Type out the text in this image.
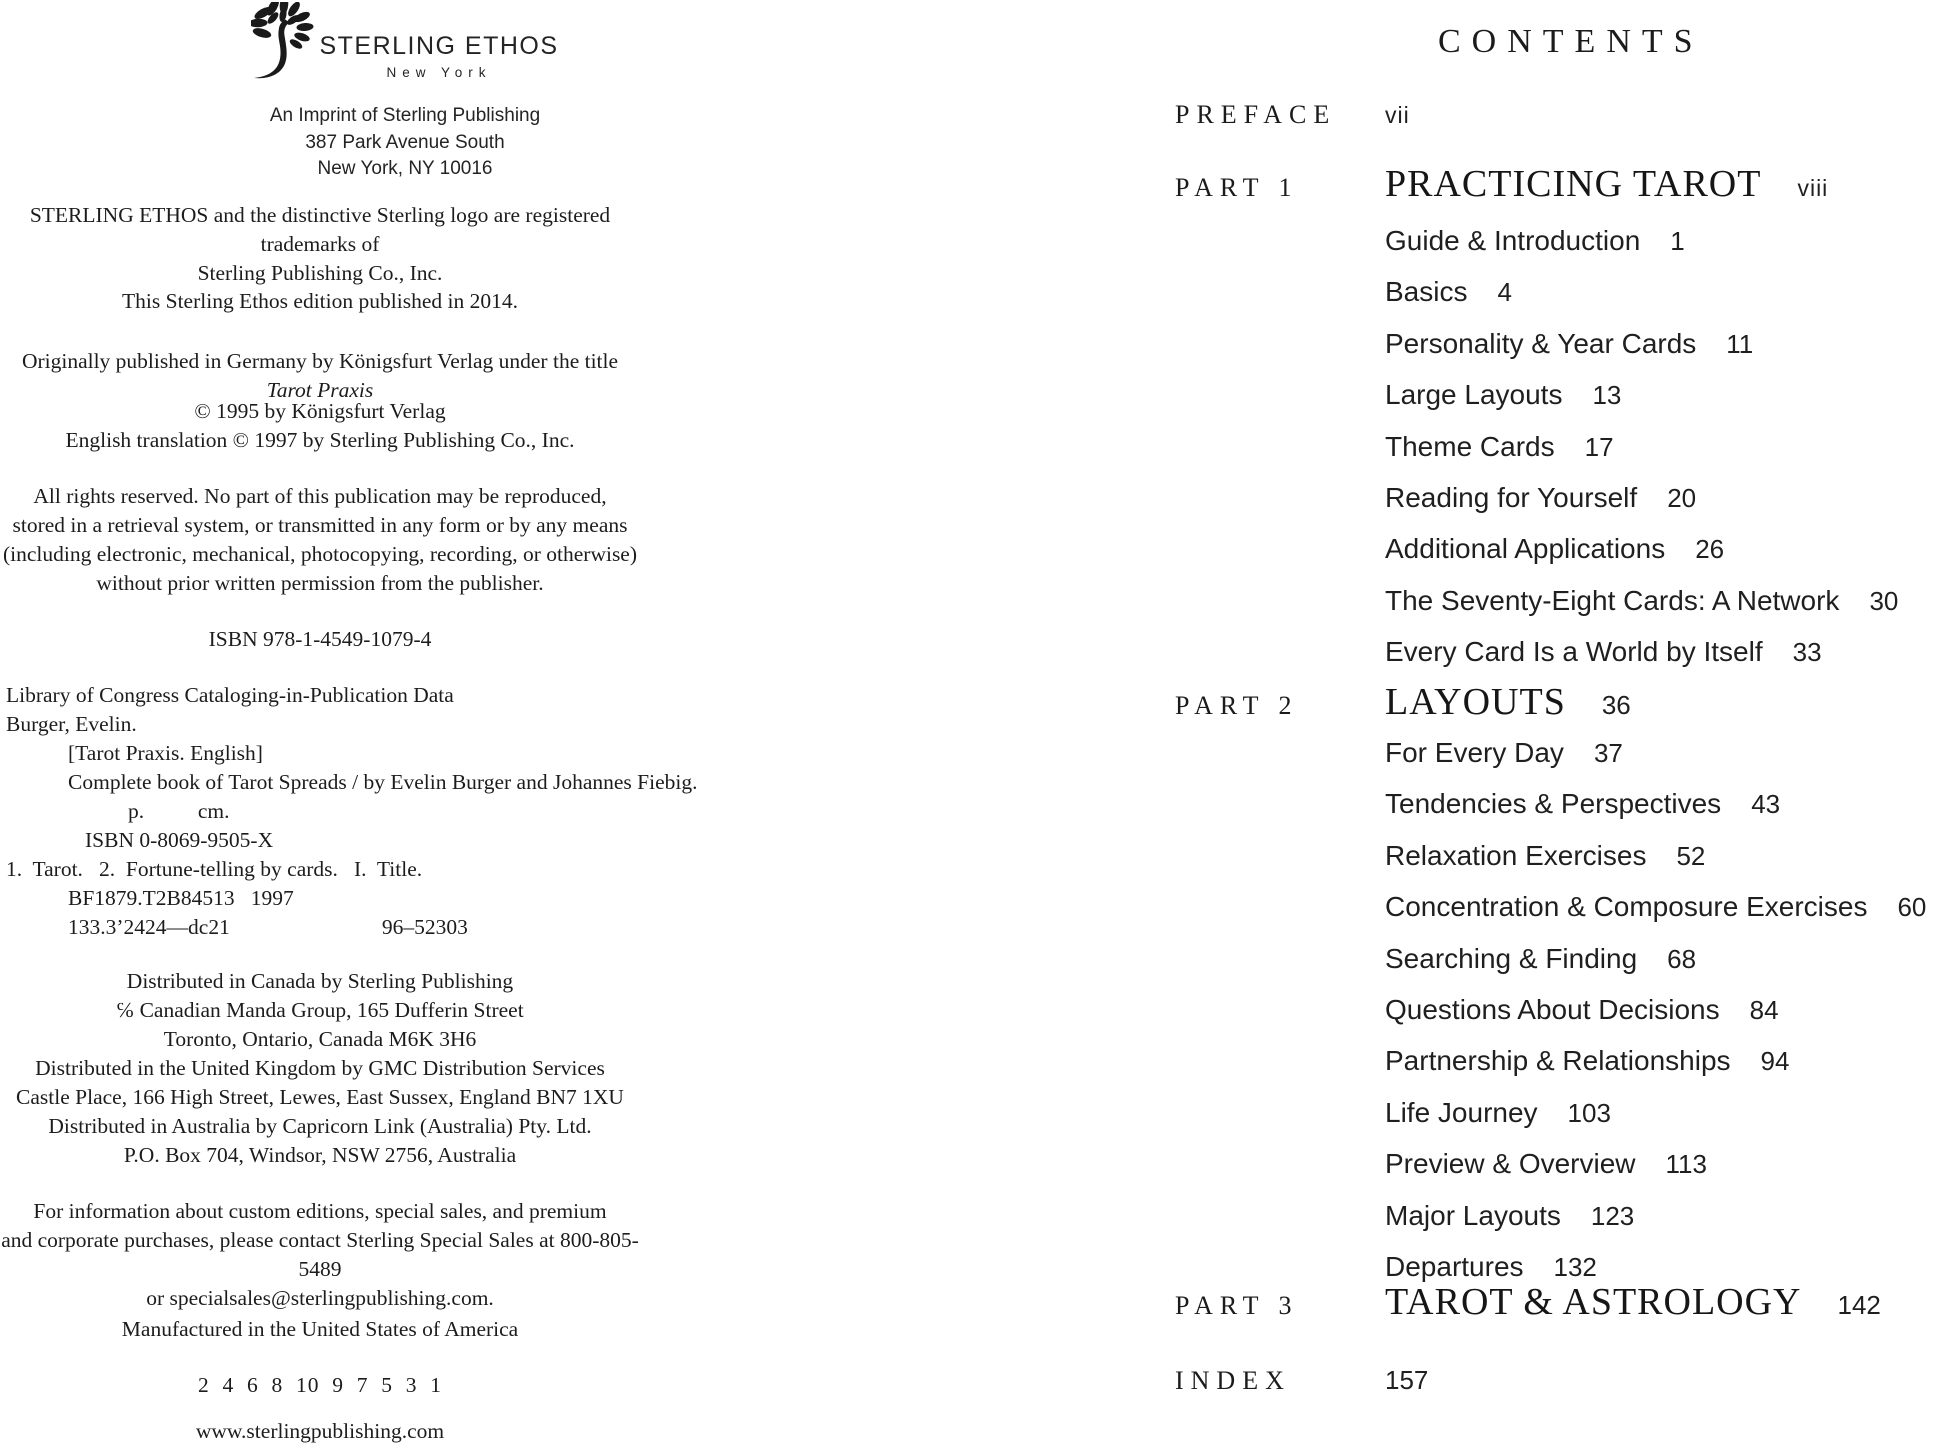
STERLING ETHOS
New York
An Imprint of Sterling Publishing
387 Park Avenue South
New York, NY 10016
STERLING ETHOS and the distinctive Sterling logo are registered trademarks of
Sterling Publishing Co., Inc.
This Sterling Ethos edition published in 2014.
Originally published in Germany by Königsfurt Verlag under the title Tarot Praxis
© 1995 by Königsfurt Verlag
English translation © 1997 by Sterling Publishing Co., Inc.
All rights reserved. No part of this publication may be reproduced,
stored in a retrieval system, or transmitted in any form or by any means
(including electronic, mechanical, photocopying, recording, or otherwise)
without prior written permission from the publisher.
ISBN 978-1-4549-1079-4
Library of Congress Cataloging-in-Publication Data
Burger, Evelin.
[Tarot Praxis. English]
Complete book of Tarot Spreads / by Evelin Burger and Johannes Fiebig.
p.          cm.
ISBN 0-8069-9505-X
1.  Tarot.   2.  Fortune-telling by cards.   I.  Title.
BF1879.T2B84513   1997
133.3’2424—dc21	96–52303
Distributed in Canada by Sterling Publishing
℅ Canadian Manda Group, 165 Dufferin Street
Toronto, Ontario, Canada M6K 3H6
Distributed in the United Kingdom by GMC Distribution Services
Castle Place, 166 High Street, Lewes, East Sussex, England BN7 1XU
Distributed in Australia by Capricorn Link (Australia) Pty. Ltd.
P.O. Box 704, Windsor, NSW 2756, Australia
For information about custom editions, special sales, and premium
and corporate purchases, please contact Sterling Special Sales at 800-805-5489
or specialsales@sterlingpublishing.com.
Manufactured in the United States of America
2  4  6  8  10  9  7  5  3  1
www.sterlingpublishing.com
CONTENTS
PREFACE	vii
PART 1	PRACTICING TAROT viii
Guide & Introduction 1
Basics 4
Personality & Year Cards 11
Large Layouts 13
Theme Cards 17
Reading for Yourself 20
Additional Applications 26
The Seventy-Eight Cards: A Network 30
Every Card Is a World by Itself 33
PART 2	LAYOUTS 36
For Every Day 37
Tendencies & Perspectives 43
Relaxation Exercises 52
Concentration & Composure Exercises 60
Searching & Finding 68
Questions About Decisions 84
Partnership & Relationships 94
Life Journey 103
Preview & Overview 113
Major Layouts 123
Departures 132
PART 3	TAROT & ASTROLOGY 142
INDEX	157
